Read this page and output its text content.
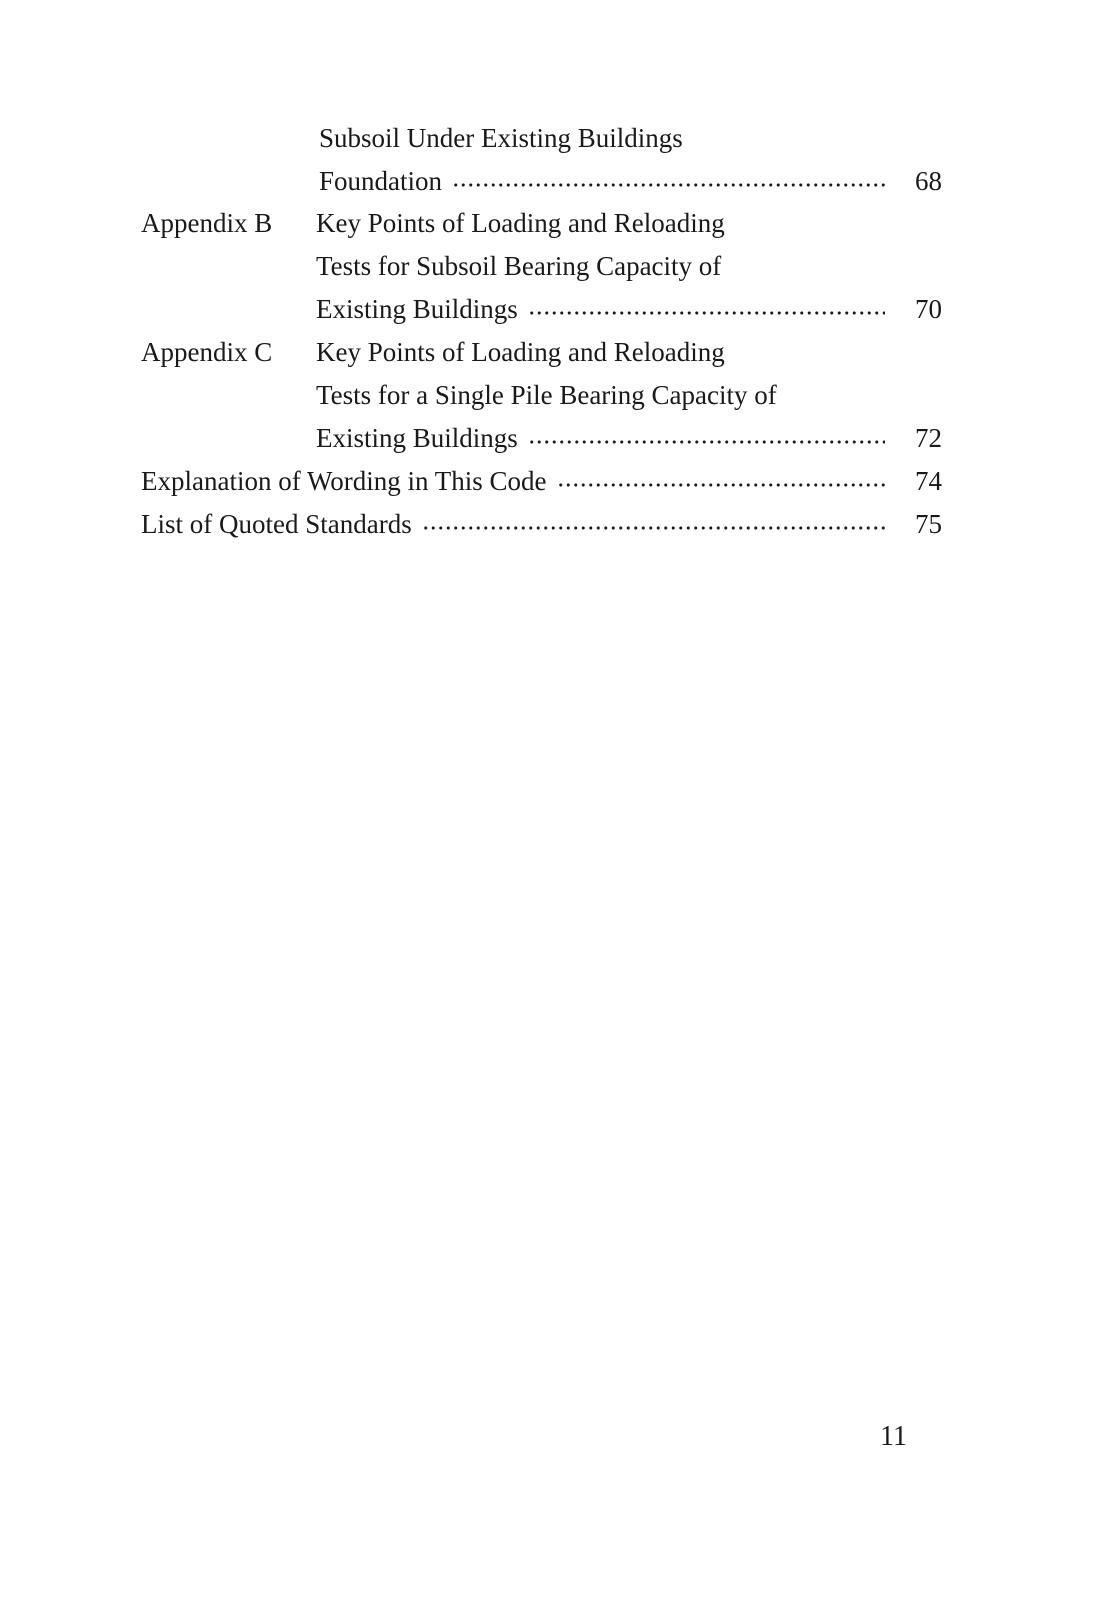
Subsoil Under Existing Buildings
Foundation	68
Appendix B Key Points of Loading and Reloading
Tests for Subsoil Bearing Capacity of
Existing Buildings	70
Appendix C Key Points of Loading and Reloading
Tests for a Single Pile Bearing Capacity of
Existing Buildings	72
Explanation of Wording in This Code	74
List of Quoted Standards	75
11
